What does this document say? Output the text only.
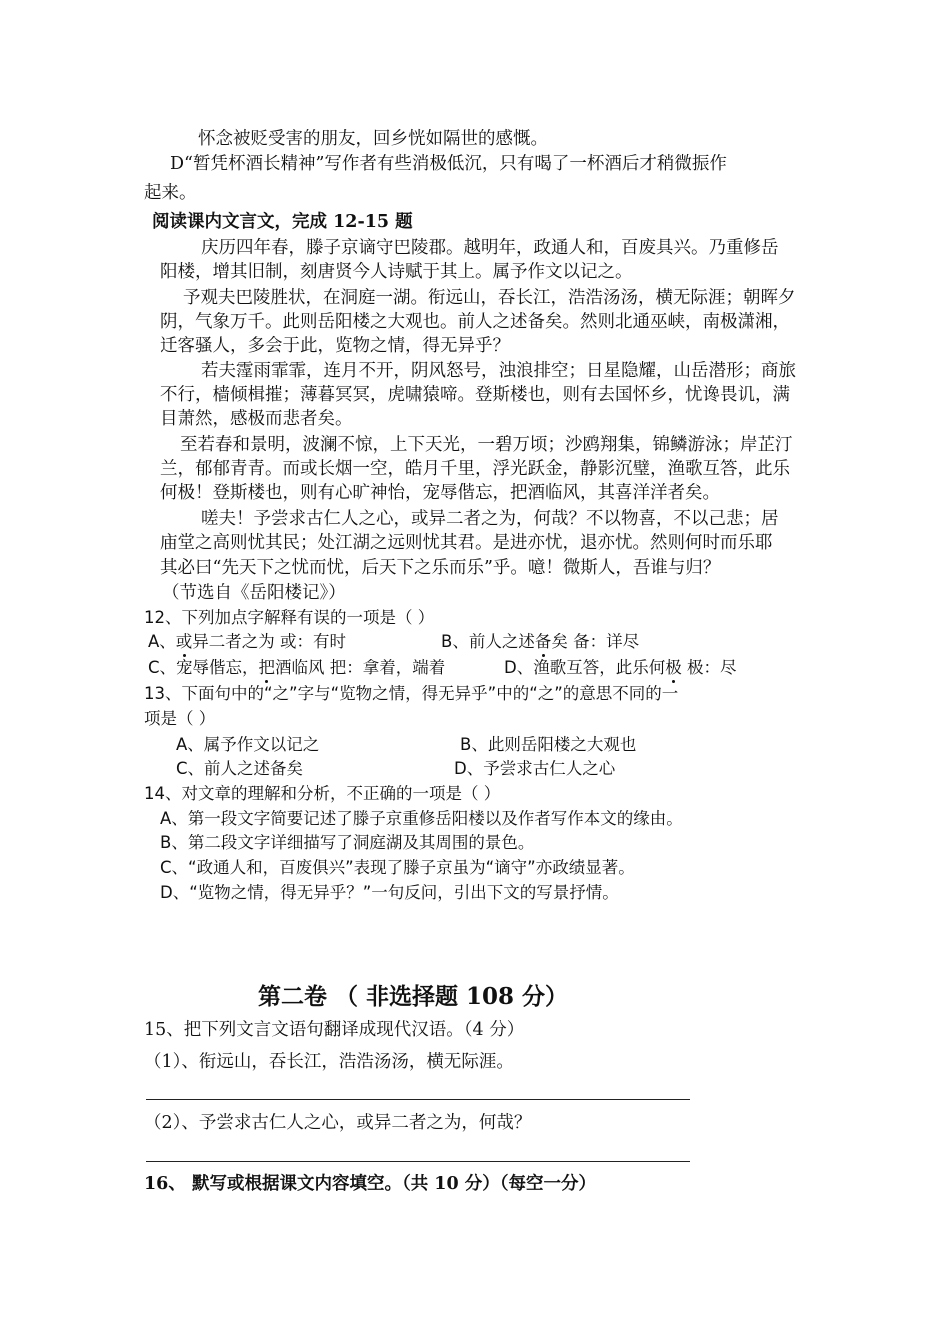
怀念被贬受害的朋友，回乡恍如隔世的感慨。
D“暂凭杯酒长精神”写作者有些消极低沉，只有喝了一杯酒后才稍微振作
起来。
阅读课内文言文，完成 12-15 题
庆历四年春，滕子京谪守巴陵郡。越明年，政通人和，百废具兴。乃重修岳
阳楼，增其旧制，刻唐贤今人诗赋于其上。属予作文以记之。
予观夫巴陵胜状，在洞庭一湖。衔远山，吞长江，浩浩汤汤，横无际涯；朝晖夕
阴，气象万千。此则岳阳楼之大观也。前人之述备矣。然则北通巫峡，南极潇湘，
迁客骚人，多会于此，览物之情，得无异乎？
若夫霪雨霏霏，连月不开，阴风怒号，浊浪排空；日星隐耀，山岳潜形；商旅
不行，樯倾楫摧；薄暮冥冥，虎啸猿啼。登斯楼也，则有去国怀乡，忧谗畏讥，满
目萧然，感极而悲者矣。
至若春和景明，波澜不惊，上下天光，一碧万顷；沙鸥翔集，锦鳞游泳；岸芷汀
兰，郁郁青青。而或长烟一空，皓月千里，浮光跃金，静影沉璧，渔歌互答，此乐
何极！登斯楼也，则有心旷神怡，宠辱偕忘，把酒临风，其喜洋洋者矣。
嗟夫！予尝求古仁人之心，或异二者之为，何哉？不以物喜，不以己悲；居
庙堂之高则忧其民；处江湖之远则忧其君。是进亦忧，退亦忧。然则何时而乐耶
其必曰“先天下之忧而忧，后天下之乐而乐”乎。噫！微斯人，吾谁与归？
（节选自《岳阳楼记》）
12、下列加点字解释有误的一项是（ ）
A、或异二者之为 或：有时	B、前人之述备矣 备：详尽
C、宠辱偕忘，把酒临风 把：拿着，端着	D、渔歌互答，此乐何极 极：尽
13、下面句中的“之”字与“览物之情，得无异乎”中的“之”的意思不同的一
项是（ ）
A、属予作文以记之	B、此则岳阳楼之大观也
C、前人之述备矣	D、予尝求古仁人之心
14、对文章的理解和分析，不正确的一项是（ ）
A、第一段文字简要记述了滕子京重修岳阳楼以及作者写作本文的缘由。
B、第二段文字详细描写了洞庭湖及其周围的景色。
C、“政通人和，百废俱兴”表现了滕子京虽为“谪守”亦政绩显著。
D、“览物之情，得无异乎？”一句反问，引出下文的写景抒情。
第二卷 （ 非选择题 108 分）
15、把下列文言文语句翻译成现代汉语。（4 分）
（1）、衔远山，吞长江，浩浩汤汤，横无际涯。
（2）、予尝求古仁人之心，或异二者之为，何哉？
16、 默写或根据课文内容填空。（共 10 分）（每空一分）
